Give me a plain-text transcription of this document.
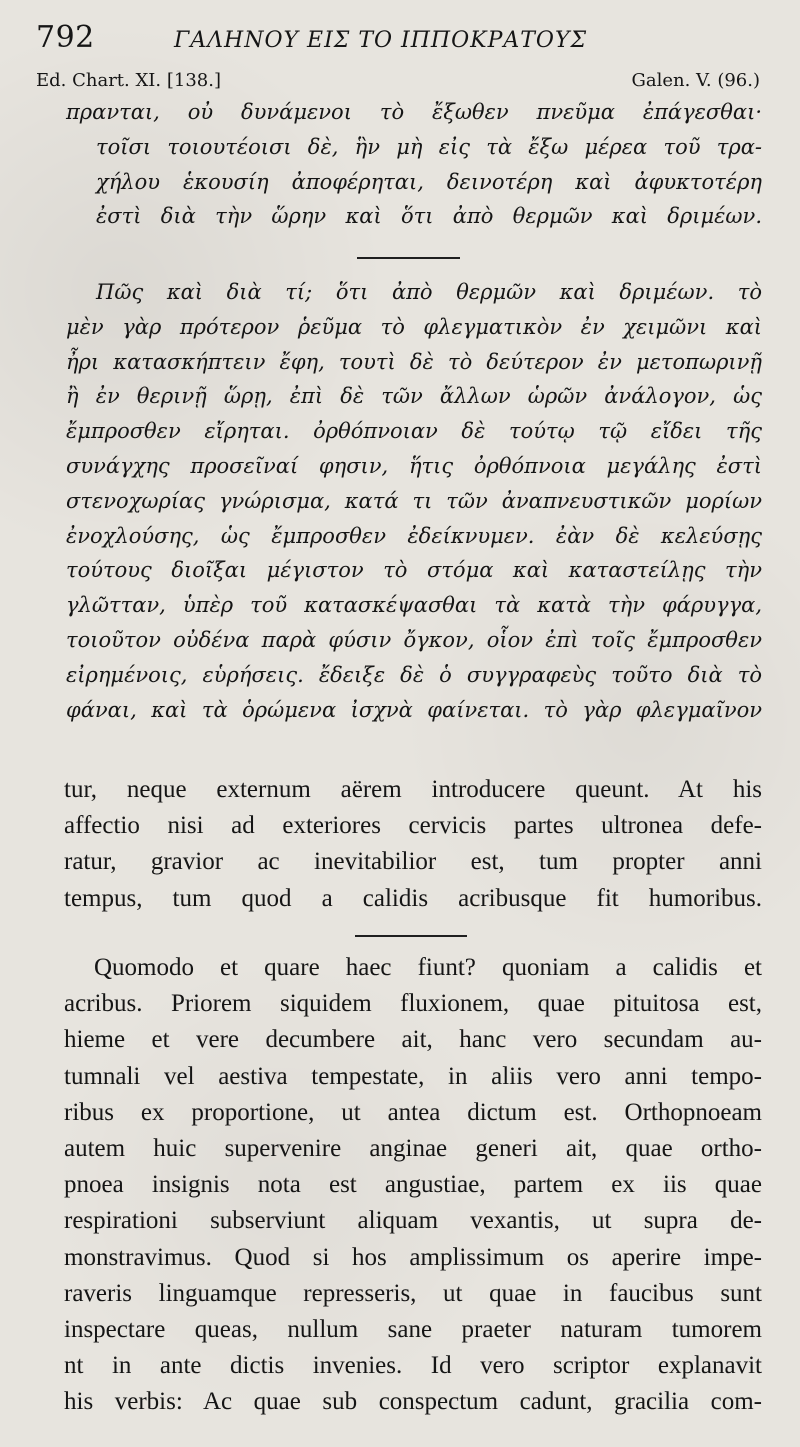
792	ΓΑΛΗΝΟΥ ΕΙΣ ΤΟ ΙΠΠΟΚΡΑΤΟΥΣ
Ed. Chart. XI. [138.]	Galen. V. (96.)
πρανται, οὐ δυνάμενοι τὸ ἔξωθεν πνεῦμα ἐπάγεσθαι·
τοῖσι τοιουτέοισι δὲ, ἣν μὴ εἰς τὰ ἔξω μέρεα τοῦ τρα-
χήλου ἑκουσίη ἀποφέρηται, δεινοτέρη καὶ ἀφυκτοτέρη
ἐστὶ διὰ τὴν ὥρην καὶ ὅτι ἀπὸ θερμῶν καὶ δριμέων.
Πῶς καὶ διὰ τί; ὅτι ἀπὸ θερμῶν καὶ δριμέων. τὸ
μὲν γὰρ πρότερον ῥεῦμα τὸ φλεγματικὸν ἐν χειμῶνι καὶ
ἦρι κατασκήπτειν ἔφη, τουτὶ δὲ τὸ δεύτερον ἐν μετοπωρινῇ
ἢ ἐν θερινῇ ὥρῃ, ἐπὶ δὲ τῶν ἄλλων ὡρῶν ἀνάλογον, ὡς
ἔμπροσθεν εἴρηται. ὀρθόπνοιαν δὲ τούτῳ τῷ εἴδει τῆς
συνάγχης προσεῖναί φησιν, ἥτις ὀρθόπνοια μεγάλης ἐστὶ
στενοχωρίας γνώρισμα, κατά τι τῶν ἀναπνευστικῶν μορίων
ἐνοχλούσης, ὡς ἔμπροσθεν ἐδείκνυμεν. ἐὰν δὲ κελεύσῃς
τούτους διοῖξαι μέγιστον τὸ στόμα καὶ καταστείλῃς τὴν
γλῶτταν, ὑπὲρ τοῦ κατασκέψασθαι τὰ κατὰ τὴν φάρυγγα,
τοιοῦτον οὐδένα παρὰ φύσιν ὄγκον, οἷον ἐπὶ τοῖς ἔμπροσθεν
εἰρημένοις, εὑρήσεις. ἔδειξε δὲ ὁ συγγραφεὺς τοῦτο διὰ τὸ
φάναι, καὶ τὰ ὁρώμενα ἰσχνὰ φαίνεται. τὸ γὰρ φλεγμαῖνον
tur, neque externum aërem introducere queunt. At his
affectio nisi ad exteriores cervicis partes ultronea defe-
ratur, gravior ac inevitabilior est, tum propter anni
tempus, tum quod a calidis acribusque fit humoribus.
Quomodo et quare haec fiunt? quoniam a calidis et
acribus. Priorem siquidem fluxionem, quae pituitosa est,
hieme et vere decumbere ait, hanc vero secundam au-
tumnali vel aestiva tempestate, in aliis vero anni tempo-
ribus ex proportione, ut antea dictum est. Orthopnoeam
autem huic supervenire anginae generi ait, quae ortho-
pnoea insignis nota est angustiae, partem ex iis quae
respirationi subserviunt aliquam vexantis, ut supra de-
monstravimus. Quod si hos amplissimum os aperire impe-
raveris linguamque represseris, ut quae in faucibus sunt
inspectare queas, nullum sane praeter naturam tumorem
nt in ante dictis invenies. Id vero scriptor explanavit
his verbis: Ac quae sub conspectum cadunt, gracilia com-
